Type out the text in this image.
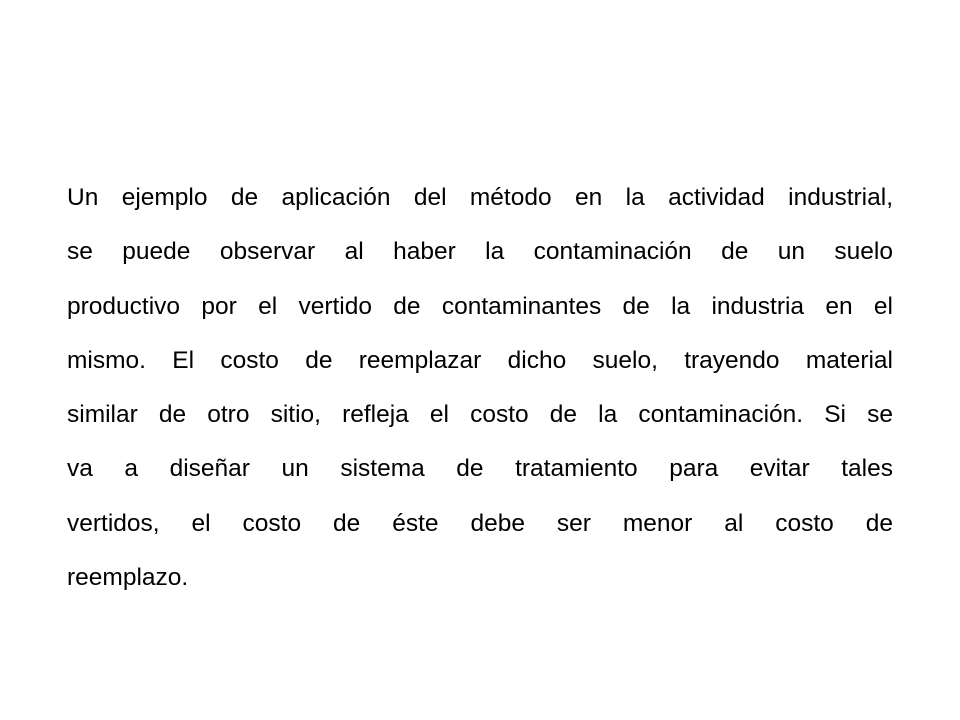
Un ejemplo de aplicación del método en la actividad industrial,
se puede observar al haber la contaminación de un suelo
productivo por el vertido de contaminantes de la industria en el
mismo. El costo de reemplazar dicho suelo, trayendo material
similar de otro sitio, refleja el costo de la contaminación. Si se
va a diseñar un sistema de tratamiento para evitar tales
vertidos, el costo de éste debe ser menor al costo de
reemplazo.
